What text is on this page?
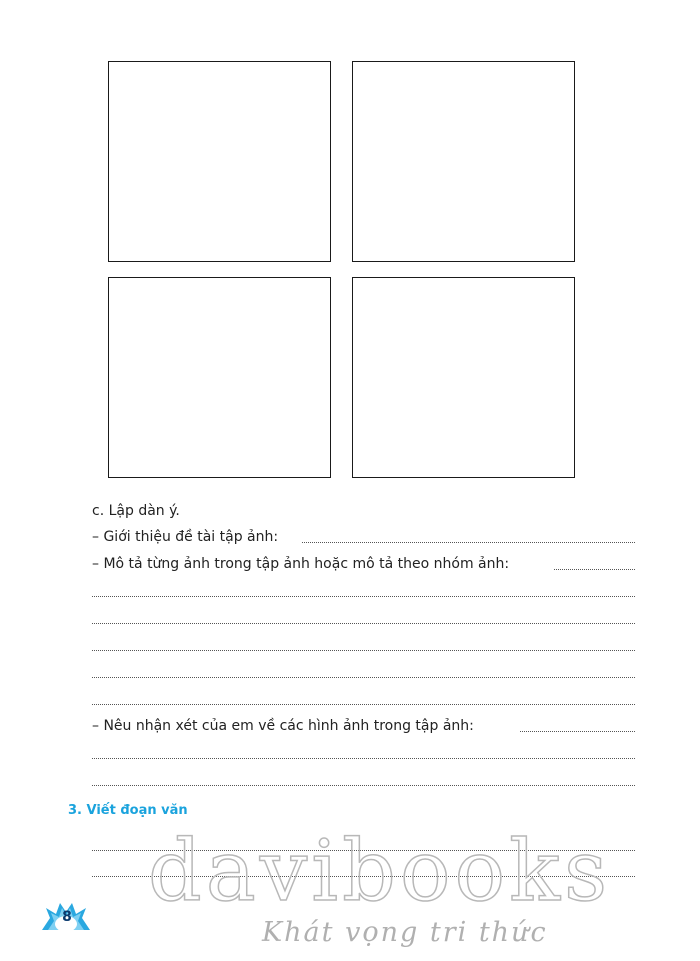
c. Lập dàn ý.
– Giới thiệu đề tài tập ảnh:
– Mô tả từng ảnh trong tập ảnh hoặc mô tả theo nhóm ảnh:
– Nêu nhận xét của em về các hình ảnh trong tập ảnh:
3. Viết đoạn văn
davibooks
Khát vọng tri thức
8
